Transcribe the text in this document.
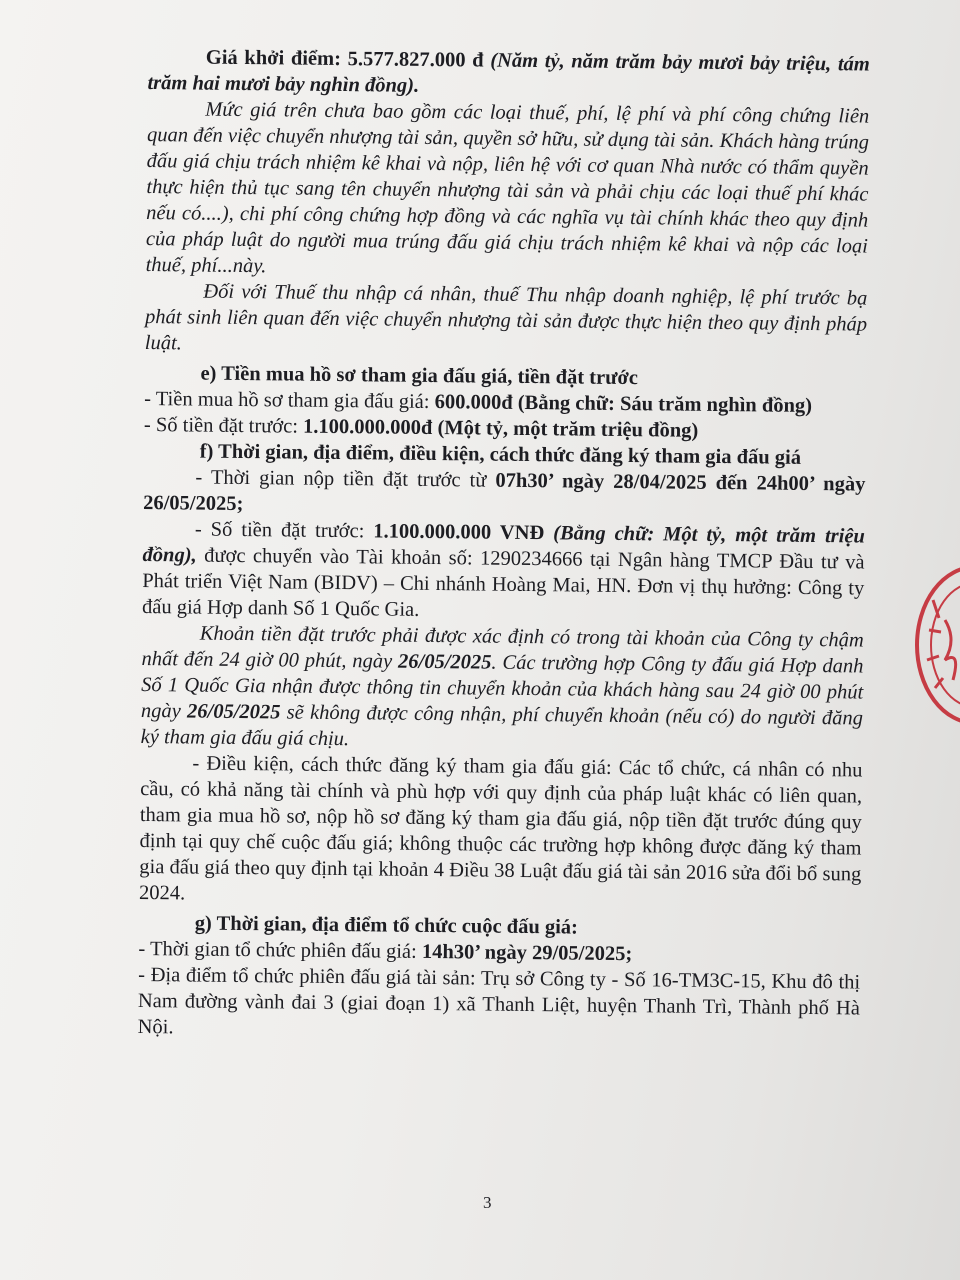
Giá khởi điểm: 5.577.827.000 đ (Năm tỷ, năm trăm bảy mươi bảy triệu, tám trăm hai mươi bảy nghìn đồng).

Mức giá trên chưa bao gồm các loại thuế, phí, lệ phí và phí công chứng liên quan đến việc chuyển nhượng tài sản, quyền sở hữu, sử dụng tài sản. Khách hàng trúng đấu giá chịu trách nhiệm kê khai và nộp, liên hệ với cơ quan Nhà nước có thẩm quyền thực hiện thủ tục sang tên chuyển nhượng tài sản và phải chịu các loại thuế phí khác nếu có....), chi phí công chứng hợp đồng và các nghĩa vụ tài chính khác theo quy định của pháp luật do người mua trúng đấu giá chịu trách nhiệm kê khai và nộp các loại thuế, phí...này.

Đối với Thuế thu nhập cá nhân, thuế Thu nhập doanh nghiệp, lệ phí trước bạ phát sinh liên quan đến việc chuyển nhượng tài sản được thực hiện theo quy định pháp luật.

e) Tiền mua hồ sơ tham gia đấu giá, tiền đặt trước

- Tiền mua hồ sơ tham gia đấu giá: 600.000đ (Bằng chữ: Sáu trăm nghìn đồng)

- Số tiền đặt trước: 1.100.000.000đ (Một tỷ, một trăm triệu đồng)

f) Thời gian, địa điểm, điều kiện, cách thức đăng ký tham gia đấu giá

- Thời gian nộp tiền đặt trước từ 07h30’ ngày 28/04/2025 đến 24h00’ ngày 26/05/2025;

- Số tiền đặt trước: 1.100.000.000 VNĐ (Bằng chữ: Một tỷ, một trăm triệu đồng), được chuyển vào Tài khoản số: 1290234666 tại Ngân hàng TMCP Đầu tư và Phát triển Việt Nam (BIDV) – Chi nhánh Hoàng Mai, HN. Đơn vị thụ hưởng: Công ty đấu giá Hợp danh Số 1 Quốc Gia.

Khoản tiền đặt trước phải được xác định có trong tài khoản của Công ty chậm nhất đến 24 giờ 00 phút, ngày 26/05/2025. Các trường hợp Công ty đấu giá Hợp danh Số 1 Quốc Gia nhận được thông tin chuyển khoản của khách hàng sau 24 giờ 00 phút ngày 26/05/2025 sẽ không được công nhận, phí chuyển khoản (nếu có) do người đăng ký tham gia đấu giá chịu.

- Điều kiện, cách thức đăng ký tham gia đấu giá: Các tổ chức, cá nhân có nhu cầu, có khả năng tài chính và phù hợp với quy định của pháp luật khác có liên quan, tham gia mua hồ sơ, nộp hồ sơ đăng ký tham gia đấu giá, nộp tiền đặt trước đúng quy định tại quy chế cuộc đấu giá; không thuộc các trường hợp không được đăng ký tham gia đấu giá theo quy định tại khoản 4 Điều 38 Luật đấu giá tài sản 2016 sửa đổi bổ sung 2024.

g) Thời gian, địa điểm tổ chức cuộc đấu giá:

- Thời gian tổ chức phiên đấu giá: 14h30’ ngày 29/05/2025;

- Địa điểm tổ chức phiên đấu giá tài sản: Trụ sở Công ty - Số 16-TM3C-15, Khu đô thị Nam đường vành đai 3 (giai đoạn 1) xã Thanh Liệt, huyện Thanh Trì, Thành phố Hà Nội.

3
